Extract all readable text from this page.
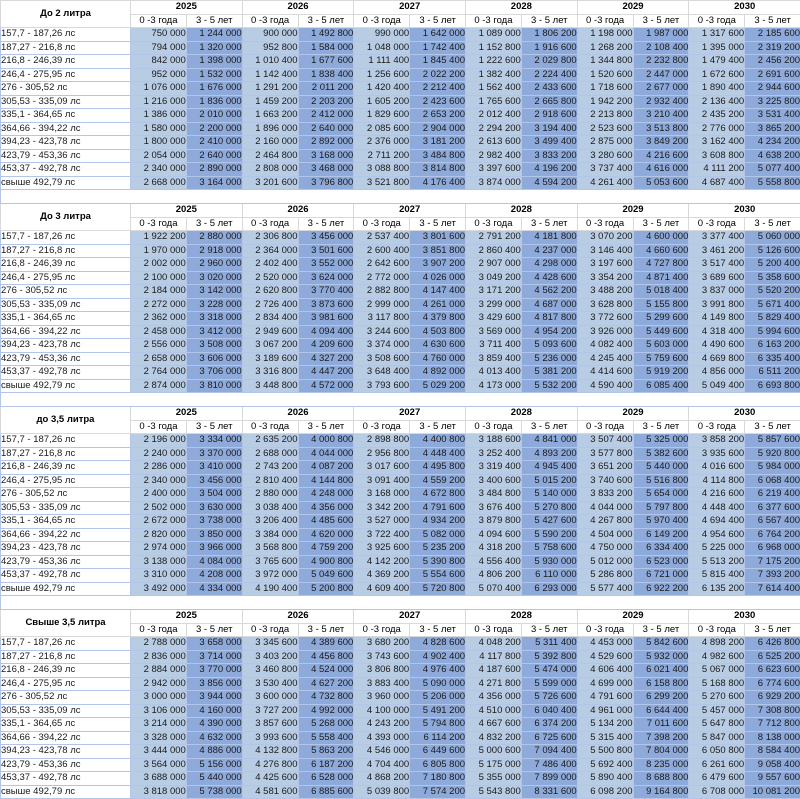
До 2 литра	2025		2026		2027		2028		2029		2030	
	0 -3 года	3 - 5 лет	0 -3 года	3 - 5 лет	0 -3 года	3 - 5 лет	0 -3 года	3 - 5 лет	0 -3 года	3 - 5 лет	0 -3 года	3 - 5 лет
157,7 - 187,26 лс	750 000	1 244 000	900 000	1 492 800	990 000	1 642 000	1 089 000	1 806 200	1 198 000	1 987 000	1 317 600	2 185 600
187,27 - 216,8 лс	794 000	1 320 000	952 800	1 584 000	1 048 000	1 742 400	1 152 800	1 916 600	1 268 200	2 108 400	1 395 000	2 319 200
216,8 - 246,39 лс	842 000	1 398 000	1 010 400	1 677 600	1 111 400	1 845 400	1 222 600	2 029 800	1 344 800	2 232 800	1 479 400	2 456 200
246,4 - 275,95 лс	952 000	1 532 000	1 142 400	1 838 400	1 256 600	2 022 200	1 382 400	2 224 400	1 520 600	2 447 000	1 672 600	2 691 600
276 - 305,52 лс	1 076 000	1 676 000	1 291 200	2 011 200	1 420 400	2 212 400	1 562 400	2 433 600	1 718 600	2 677 000	1 890 400	2 944 600
305,53 - 335,09 лс	1 216 000	1 836 000	1 459 200	2 203 200	1 605 200	2 423 600	1 765 600	2 665 800	1 942 200	2 932 400	2 136 400	3 225 800
335,1 - 364,65 лс	1 386 000	2 010 000	1 663 200	2 412 000	1 829 600	2 653 200	2 012 400	2 918 600	2 213 800	3 210 400	2 435 200	3 531 400
364,66 - 394,22 лс	1 580 000	2 200 000	1 896 000	2 640 000	2 085 600	2 904 000	2 294 200	3 194 400	2 523 600	3 513 800	2 776 000	3 865 200
394,23 - 423,78 лс	1 800 000	2 410 000	2 160 000	2 892 000	2 376 000	3 181 200	2 613 600	3 499 400	2 875 000	3 849 200	3 162 400	4 234 200
423,79 - 453,36 лс	2 054 000	2 640 000	2 464 800	3 168 000	2 711 200	3 484 800	2 982 400	3 833 200	3 280 600	4 216 600	3 608 800	4 638 200
453,37 - 492,78 лс	2 340 000	2 890 000	2 808 000	3 468 000	3 088 800	3 814 800	3 397 600	4 196 200	3 737 400	4 616 000	4 111 200	5 077 400
свыше 492,79 лс	2 668 000	3 164 000	3 201 600	3 796 800	3 521 800	4 176 400	3 874 000	4 594 200	4 261 400	5 053 600	4 687 400	5 558 800

До 3 литра	2025		2026		2027		2028		2029		2030	
	0 -3 года	3 - 5 лет	0 -3 года	3 - 5 лет	0 -3 года	3 - 5 лет	0 -3 года	3 - 5 лет	0 -3 года	3 - 5 лет	0 -3 года	3 - 5 лет
157,7 - 187,26 лс	1 922 200	2 880 000	2 306 800	3 456 000	2 537 400	3 801 600	2 791 200	4 181 800	3 070 200	4 600 000	3 377 400	5 060 000
187,27 - 216,8 лс	1 970 000	2 918 000	2 364 000	3 501 600	2 600 400	3 851 800	2 860 400	4 237 000	3 146 400	4 660 600	3 461 200	5 126 600
216,8 - 246,39 лс	2 002 000	2 960 000	2 402 400	3 552 000	2 642 600	3 907 200	2 907 000	4 298 000	3 197 600	4 727 800	3 517 400	5 200 400
246,4 - 275,95 лс	2 100 000	3 020 000	2 520 000	3 624 000	2 772 000	4 026 000	3 049 200	4 428 600	3 354 200	4 871 400	3 689 600	5 358 600
276 - 305,52 лс	2 184 000	3 142 000	2 620 800	3 770 400	2 882 800	4 147 400	3 171 200	4 562 200	3 488 200	5 018 400	3 837 000	5 520 200
305,53 - 335,09 лс	2 272 000	3 228 000	2 726 400	3 873 600	2 999 000	4 261 000	3 299 000	4 687 000	3 628 800	5 155 800	3 991 800	5 671 400
335,1 - 364,65 лс	2 362 000	3 318 000	2 834 400	3 981 600	3 117 800	4 379 800	3 429 600	4 817 800	3 772 600	5 299 600	4 149 800	5 829 400
364,66 - 394,22 лс	2 458 000	3 412 000	2 949 600	4 094 400	3 244 600	4 503 800	3 569 000	4 954 200	3 926 000	5 449 600	4 318 400	5 994 600
394,23 - 423,78 лс	2 556 000	3 508 000	3 067 200	4 209 600	3 374 000	4 630 600	3 711 400	5 093 600	4 082 400	5 603 000	4 490 600	6 163 200
423,79 - 453,36 лс	2 658 000	3 606 000	3 189 600	4 327 200	3 508 600	4 760 000	3 859 400	5 236 000	4 245 400	5 759 600	4 669 800	6 335 400
453,37 - 492,78 лс	2 764 000	3 706 000	3 316 800	4 447 200	3 648 400	4 892 000	4 013 400	5 381 200	4 414 600	5 919 200	4 856 000	6 511 200
свыше 492,79 лс	2 874 000	3 810 000	3 448 800	4 572 000	3 793 600	5 029 200	4 173 000	5 532 200	4 590 400	6 085 400	5 049 400	6 693 800

до 3,5 литра	2025		2026		2027		2028		2029		2030	
	0 -3 года	3 - 5 лет	0 -3 года	3 - 5 лет	0 -3 года	3 - 5 лет	0 -3 года	3 - 5 лет	0 -3 года	3 - 5 лет	0 -3 года	3 - 5 лет
157,7 - 187,26 лс	2 196 000	3 334 000	2 635 200	4 000 800	2 898 800	4 400 800	3 188 600	4 841 000	3 507 400	5 325 000	3 858 200	5 857 600
187,27 - 216,8 лс	2 240 000	3 370 000	2 688 000	4 044 000	2 956 800	4 448 400	3 252 400	4 893 200	3 577 800	5 382 600	3 935 600	5 920 800
216,8 - 246,39 лс	2 286 000	3 410 000	2 743 200	4 087 200	3 017 600	4 495 800	3 319 400	4 945 400	3 651 200	5 440 000	4 016 600	5 984 000
246,4 - 275,95 лс	2 340 000	3 456 000	2 810 400	4 144 800	3 091 400	4 559 200	3 400 600	5 015 200	3 740 600	5 516 800	4 114 800	6 068 400
276 - 305,52 лс	2 400 000	3 504 000	2 880 000	4 248 000	3 168 000	4 672 800	3 484 800	5 140 000	3 833 200	5 654 000	4 216 600	6 219 400
305,53 - 335,09 лс	2 502 000	3 630 000	3 038 400	4 356 000	3 342 200	4 791 600	3 676 400	5 270 800	4 044 000	5 797 800	4 448 400	6 377 600
335,1 - 364,65 лс	2 672 000	3 738 000	3 206 400	4 485 600	3 527 000	4 934 200	3 879 800	5 427 600	4 267 800	5 970 400	4 694 400	6 567 400
364,66 - 394,22 лс	2 820 000	3 850 000	3 384 000	4 620 000	3 722 400	5 082 000	4 094 600	5 590 200	4 504 000	6 149 200	4 954 600	6 764 200
394,23 - 423,78 лс	2 974 000	3 966 000	3 568 800	4 759 200	3 925 600	5 235 200	4 318 200	5 758 600	4 750 000	6 334 400	5 225 000	6 968 000
423,79 - 453,36 лс	3 138 000	4 084 000	3 765 600	4 900 800	4 142 200	5 390 800	4 556 400	5 930 000	5 012 000	6 523 000	5 513 200	7 175 200
453,37 - 492,78 лс	3 310 000	4 208 000	3 972 000	5 049 600	4 369 200	5 554 600	4 806 200	6 110 000	5 286 800	6 721 000	5 815 400	7 393 200
свыше 492,79 лс	3 492 000	4 334 000	4 190 400	5 200 800	4 609 400	5 720 800	5 070 400	6 293 000	5 577 400	6 922 200	6 135 200	7 614 400

Свыше 3,5 литра	2025		2026		2027		2028		2029		2030	
	0 -3 года	3 - 5 лет	0 -3 года	3 - 5 лет	0 -3 года	3 - 5 лет	0 -3 года	3 - 5 лет	0 -3 года	3 - 5 лет	0 -3 года	3 - 5 лет
157,7 - 187,26 лс	2 788 000	3 658 000	3 345 600	4 389 600	3 680 200	4 828 600	4 048 200	5 311 400	4 453 000	5 842 600	4 898 200	6 426 800
187,27 - 216,8 лс	2 836 000	3 714 000	3 403 200	4 456 800	3 743 600	4 902 400	4 117 800	5 392 800	4 529 600	5 932 000	4 982 600	6 525 200
216,8 - 246,39 лс	2 884 000	3 770 000	3 460 800	4 524 000	3 806 800	4 976 400	4 187 600	5 474 000	4 606 400	6 021 400	5 067 000	6 623 600
246,4 - 275,95 лс	2 942 000	3 856 000	3 530 400	4 627 200	3 883 400	5 090 000	4 271 800	5 599 000	4 699 000	6 158 800	5 168 800	6 774 600
276 - 305,52 лс	3 000 000	3 944 000	3 600 000	4 732 800	3 960 000	5 206 000	4 356 000	5 726 600	4 791 600	6 299 200	5 270 600	6 929 200
305,53 - 335,09 лс	3 106 000	4 160 000	3 727 200	4 992 000	4 100 000	5 491 200	4 510 000	6 040 400	4 961 000	6 644 400	5 457 000	7 308 800
335,1 - 364,65 лс	3 214 000	4 390 000	3 857 600	5 268 000	4 243 200	5 794 800	4 667 600	6 374 200	5 134 200	7 011 600	5 647 800	7 712 800
364,66 - 394,22 лс	3 328 000	4 632 000	3 993 600	5 558 400	4 393 000	6 114 200	4 832 200	6 725 600	5 315 400	7 398 200	5 847 000	8 138 000
394,23 - 423,78 лс	3 444 000	4 886 000	4 132 800	5 863 200	4 546 000	6 449 600	5 000 600	7 094 400	5 500 800	7 804 000	6 050 800	8 584 400
423,79 - 453,36 лс	3 564 000	5 156 000	4 276 800	6 187 200	4 704 400	6 805 800	5 175 000	7 486 400	5 692 400	8 235 000	6 261 600	9 058 400
453,37 - 492,78 лс	3 688 000	5 440 000	4 425 600	6 528 000	4 868 200	7 180 800	5 355 000	7 899 000	5 890 400	8 688 800	6 479 600	9 557 600
свыше 492,79 лс	3 818 000	5 738 000	4 581 600	6 885 600	5 039 800	7 574 200	5 543 800	8 331 600	6 098 200	9 164 800	6 708 000	10 081 200
